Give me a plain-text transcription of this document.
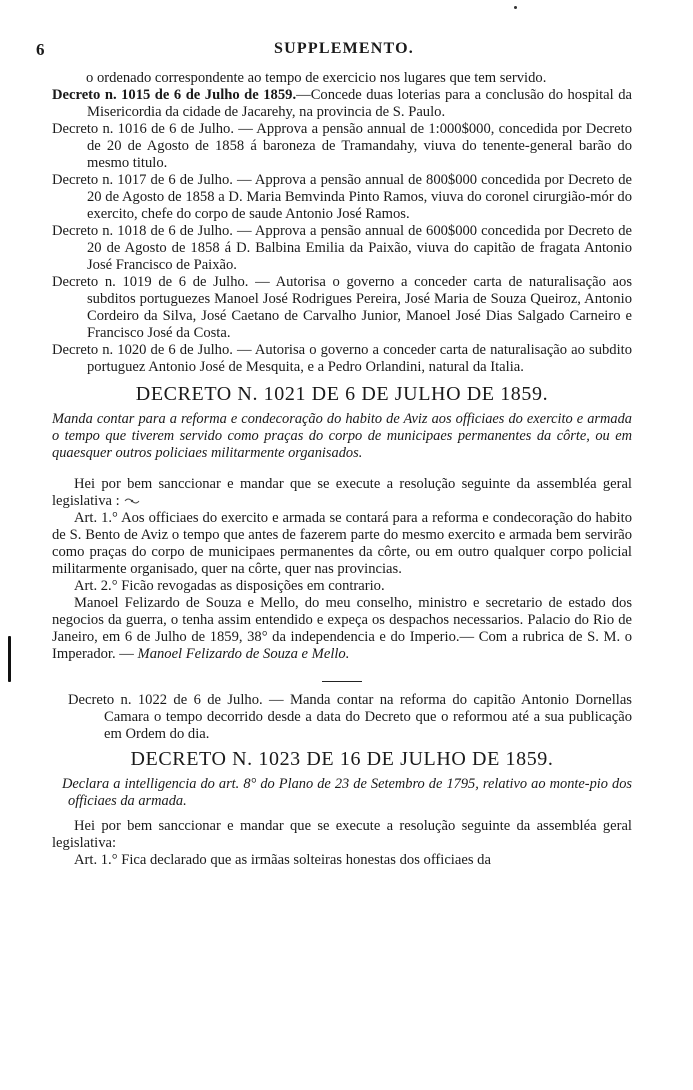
6	SUPPLEMENTO.
o ordenado correspondente ao tempo de exercicio nos lugares que tem servido.
Decreto n. 1015 de 6 de Julho de 1859.—Concede duas loterias para a conclusão do hospital da Misericordia da cidade de Jacarehy, na provincia de S. Paulo.
Decreto n. 1016 de 6 de Julho. — Approva a pensão annual de 1:000$000, concedida por Decreto de 20 de Agosto de 1858 á baroneza de Tramandahy, viuva do tenente-general barão do mesmo titulo.
Decreto n. 1017 de 6 de Julho. — Approva a pensão annual de 800$000 concedida por Decreto de 20 de Agosto de 1858 a D. Maria Bemvinda Pinto Ramos, viuva do coronel cirurgião-mór do exercito, chefe do corpo de saude Antonio José Ramos.
Decreto n. 1018 de 6 de Julho. — Approva a pensão annual de 600$000 concedida por Decreto de 20 de Agosto de 1858 á D. Balbina Emilia da Paixão, viuva do capitão de fragata Antonio José Francisco de Paixão.
Decreto n. 1019 de 6 de Julho. — Autorisa o governo a conceder carta de naturalisação aos subditos portuguezes Manoel José Rodrigues Pereira, José Maria de Souza Queiroz, Antonio Cordeiro da Silva, José Caetano de Carvalho Junior, Manoel José Dias Salgado Carneiro e Francisco José da Costa.
Decreto n. 1020 de 6 de Julho. — Autorisa o governo a conceder carta de naturalisação ao subdito portuguez Antonio José de Mesquita, e a Pedro Orlandini, natural da Italia.
DECRETO N. 1021 DE 6 DE JULHO DE 1859.
Manda contar para a reforma e condecoração do habito de Aviz aos officiaes do exercito e armada o tempo que tiverem servido como praças do corpo de municipaes permanentes da côrte, ou em quaesquer outros policiaes militarmente organisados.
Hei por bem sanccionar e mandar que se execute a resolução seguinte da assembléa geral legislativa :
Art. 1.° Aos officiaes do exercito e armada se contará para a reforma e condecoração do habito de S. Bento de Aviz o tempo que antes de fazerem parte do mesmo exercito e armada bem servirão como praças do corpo de municipaes permanentes da côrte, ou em outro qualquer corpo policial militarmente organisado, quer na côrte, quer nas provincias.
Art. 2.° Ficão revogadas as disposições em contrario.
Manoel Felizardo de Souza e Mello, do meu conselho, ministro e secretario de estado dos negocios da guerra, o tenha assim entendido e expeça os despachos necessarios. Palacio do Rio de Janeiro, em 6 de Julho de 1859, 38° da independencia e do Imperio.— Com a rubrica de S. M. o Imperador. — Manoel Felizardo de Souza e Mello.
Decreto n. 1022 de 6 de Julho. — Manda contar na reforma do capitão Antonio Dornellas Camara o tempo decorrido desde a data do Decreto que o reformou até a sua publicação em Ordem do dia.
DECRETO N. 1023 DE 16 DE JULHO DE 1859.
Declara a intelligencia do art. 8° do Plano de 23 de Setembro de 1795, relativo ao monte-pio dos officiaes da armada.
Hei por bem sanccionar e mandar que se execute a resolução seguinte da assembléa geral legislativa:
Art. 1.° Fica declarado que as irmãas solteiras honestas dos officiaes da
